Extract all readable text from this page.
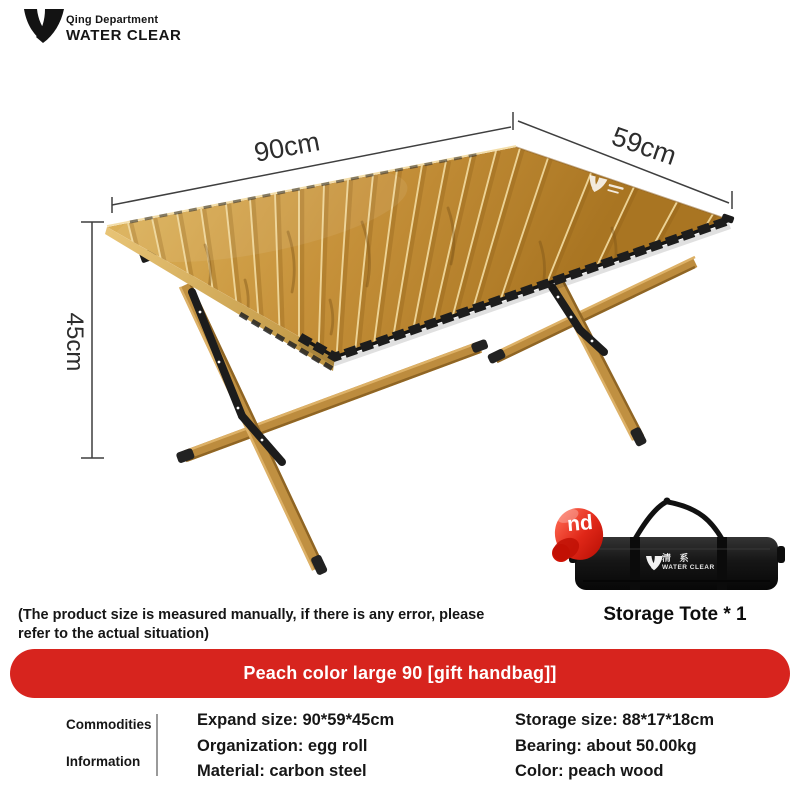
Qing Department
WATER CLEAR
90cm	59cm
45cm
nd
清 系
WATER CLEAR
Storage Tote * 1
(The product size is measured manually, if there is any error, please
refer to the actual situation)
Peach color large 90 [gift handbag]]
Commodities
Information
Expand size: 90*59*45cm
Organization: egg roll
Material: carbon steel
Storage size: 88*17*18cm
Bearing: about 50.00kg
Color: peach wood
